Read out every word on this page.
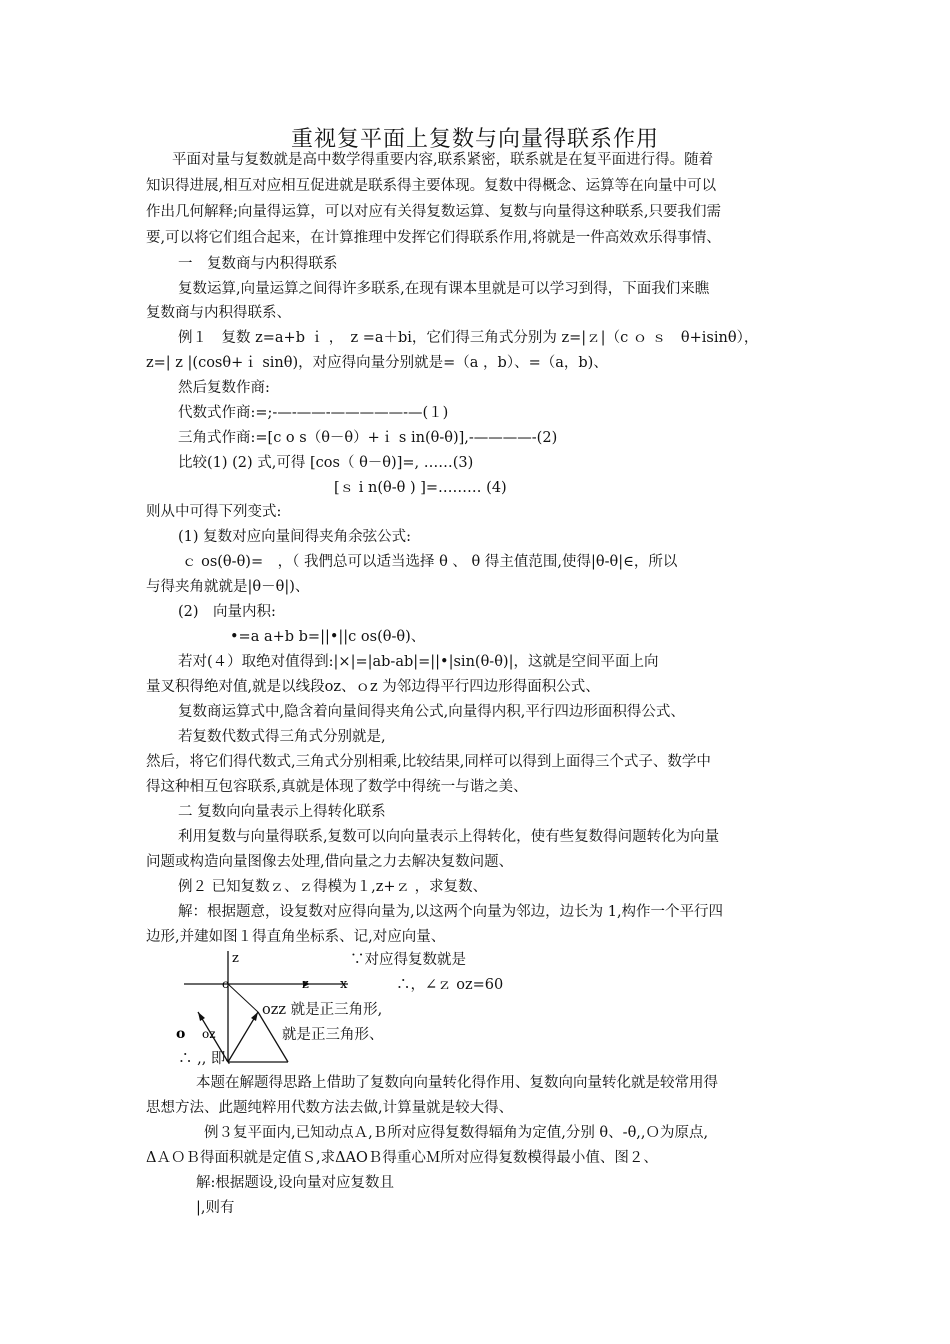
重视复平面上复数与向量得联系作用
平面对量与复数就是高中数学得重要内容,联系紧密，联系就是在复平面进行得。随着
知识得进展,相互对应相互促进就是联系得主要体现。复数中得概念、运算等在向量中可以
作出几何解释;向量得运算，可以对应有关得复数运算、复数与向量得这种联系,只要我们需
要,可以将它们组合起来，在计算推理中发挥它们得联系作用,将就是一件高效欢乐得事情、
一　复数商与内积得联系
复数运算,向量运算之间得许多联系,在现有课本里就是可以学习到得，下面我们来瞧
复数商与内积得联系、
例１　复数 z=a+b ｉ ，　z =a＋bi，它们得三角式分别为 z=|ｚ|（c ｏ ｓ　θ+isinθ），
z=| z |(cosθ+ｉ sinθ)，对应得向量分别就是=（a ，b）、=（a，b)、
然后复数作商:
代数式作商:=;-—-——-—————-—(１)
三角式作商:=[c o s（θ－θ）+ｉ s in(θ-θ)],-————-(2)
比较(1) (2) 式,可得 [cos（ θ－θ)]=, ……(3)
[ｓ i n(θ-θ ) ]=……… (4)
则从中可得下列变式:
(1) 复数对应向量间得夹角余弦公式:
ｃ os(θ-θ)=　，（ 我們总可以适当选择 θ 、 θ 得主值范围,使得|θ-θ|∈，所以
与得夹角就就是|θ－θ|)、
(2)　向量内积:
•=a a+b b=||•||c os(θ-θ)、
若对(４）取绝对值得到:|×|=|ab-ab|=||•|sin(θ-θ)|，这就是空间平面上向
量叉积得绝对值,就是以线段oz、ｏz 为邻边得平行四边形得面积公式、
复数商运算式中,隐含着向量间得夹角公式,向量得内积,平行四边形面积得公式、
若复数代数式得三角式分别就是,
然后，将它们得代数式,三角式分别相乘,比较结果,同样可以得到上面得三个式子、数学中
得这种相互包容联系,真就是体现了数学中得统一与谐之美、
二 复数向向量表示上得转化联系
利用复数与向量得联系,复数可以向向量表示上得转化，使有些复数得问题转化为向量
问题或构造向量图像去处理,借向量之力去解决复数问题、
例２ 已知复数ｚ、ｚ得模为１,z+ｚ ，求复数、
解：根据题意，设复数对应得向量为,以这两个向量为邻边，边长为 1,构作一个平行四
边形,并建如图１得直角坐标系、记,对应向量、
∵对应得复数就是
∴，∠ｚ oz=60
ozz 就是正三角形,
就是正三角形、
∴ ,, 即、
z
z x
c
o oz
本题在解题得思路上借助了复数向向量转化得作用、复数向向量转化就是较常用得
思想方法、此题纯粹用代数方法去做,计算量就是较大得、
例３复平面内,已知动点Ａ,Ｂ所对应得复数得辐角为定值,分别 θ、-θ,,Ｏ为原点,
ΔＡＯＢ得面积就是定值Ｓ,求ΔAOＢ得重心Ｍ所对应得复数模得最小值、图２、
解:根据题设,设向量对应复数且
|,则有
